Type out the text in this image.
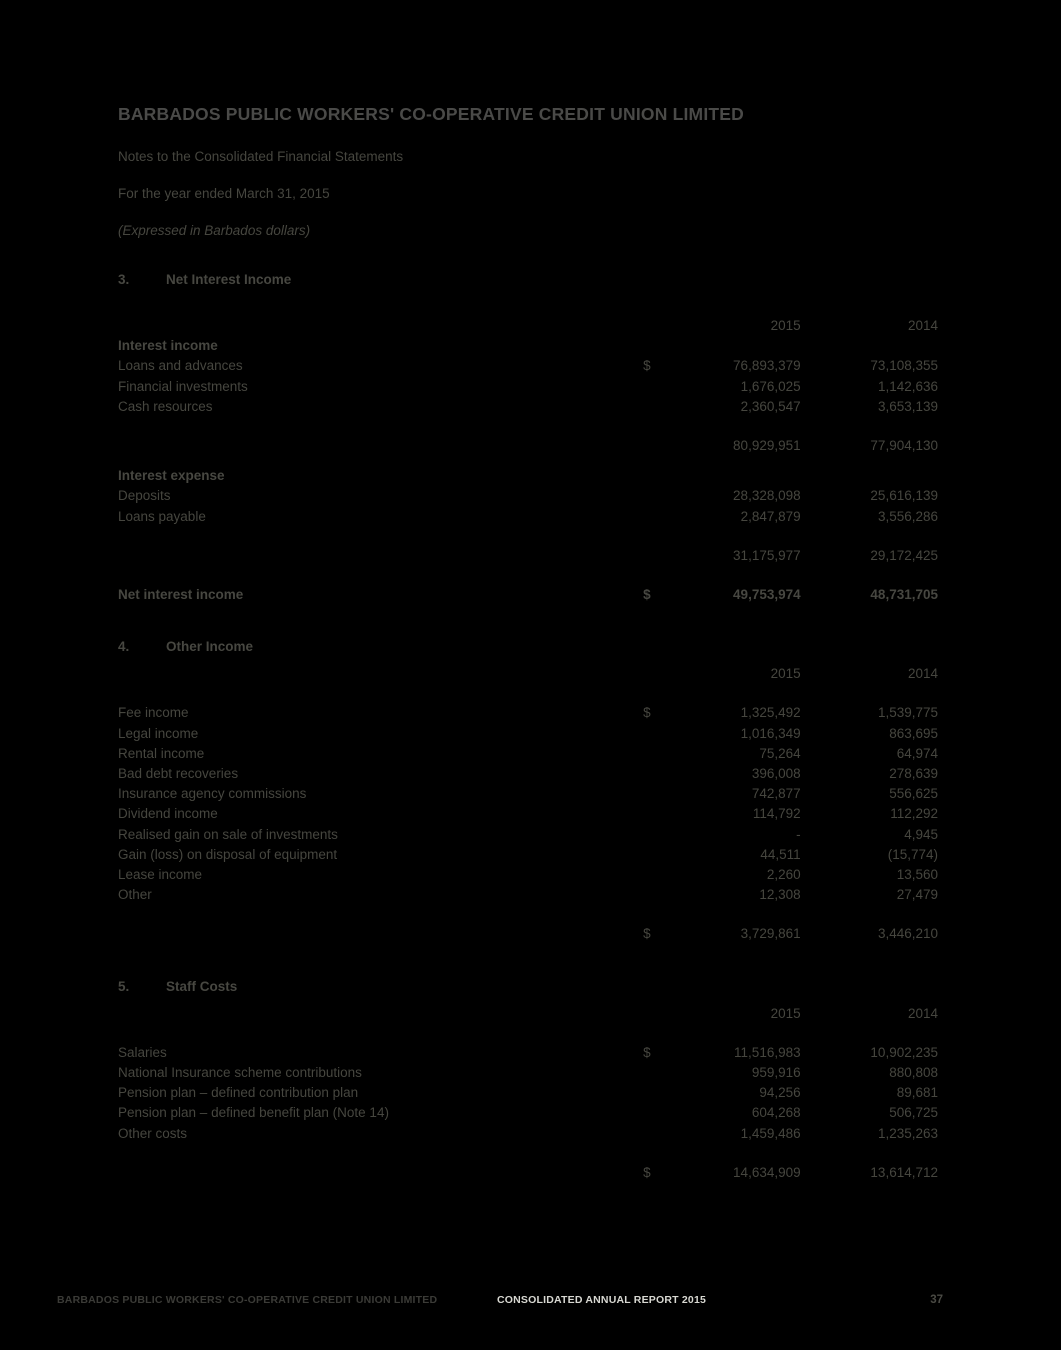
BARBADOS PUBLIC WORKERS' CO-OPERATIVE CREDIT UNION LIMITED
Notes to the Consolidated Financial Statements
For the year ended March 31, 2015
(Expressed in Barbados dollars)
3.	Net Interest Income

		2015	2014
Interest income			
Loans and advances	$	76,893,379	73,108,355
Financial investments		1,676,025	1,142,636
Cash resources		2,360,547	3,653,139

		80,929,951	77,904,130

Interest expense			
Deposits		28,328,098	25,616,139
Loans payable		2,847,879	3,556,286

		31,175,977	29,172,425

Net interest income	$	49,753,974	48,731,705
4.	Other Income
		2015	2014

Fee income	$	1,325,492	1,539,775
Legal income		1,016,349	863,695
Rental income		75,264	64,974
Bad debt recoveries		396,008	278,639
Insurance agency commissions		742,877	556,625
Dividend income		114,792	112,292
Realised gain on sale of investments		-	4,945
Gain (loss) on disposal of equipment		44,511	(15,774)
Lease income		2,260	13,560
Other		12,308	27,479

	$	3,729,861	3,446,210
5.	Staff Costs
		2015	2014

Salaries	$	11,516,983	10,902,235
National Insurance scheme contributions		959,916	880,808
Pension plan – defined contribution plan		94,256	89,681
Pension plan – defined benefit plan (Note 14)		604,268	506,725
Other costs		1,459,486	1,235,263

	$	14,634,909	13,614,712
BARBADOS PUBLIC WORKERS' CO-OPERATIVE CREDIT UNION LIMITED	CONSOLIDATED ANNUAL REPORT 2015	37
